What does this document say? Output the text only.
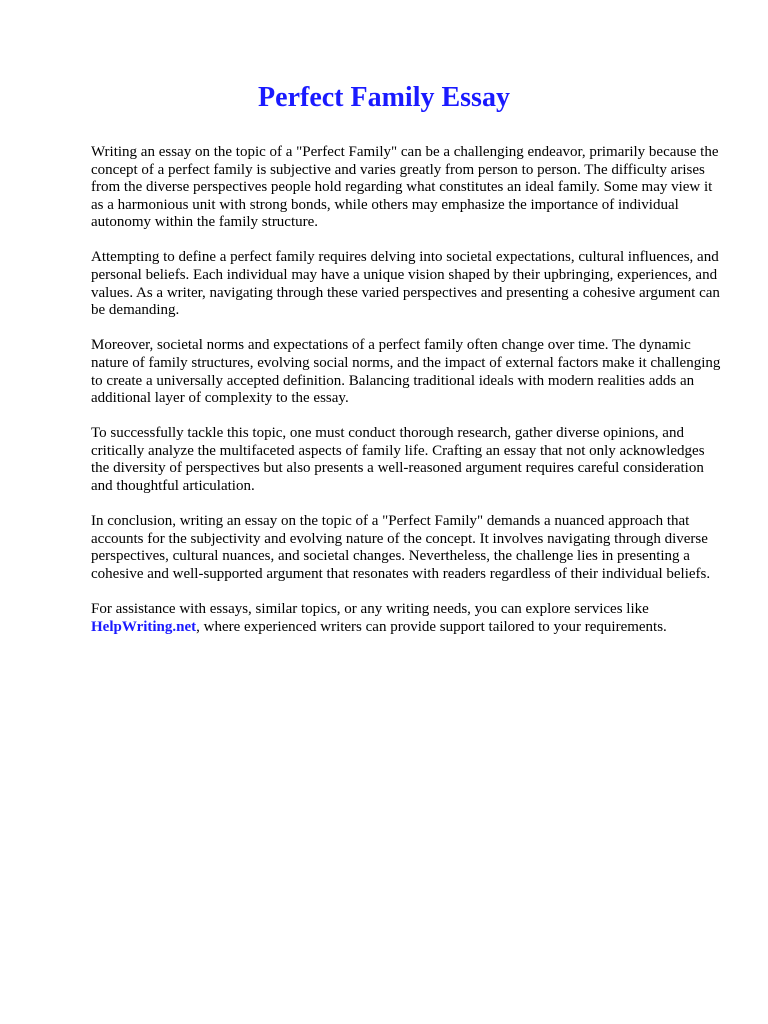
Perfect Family Essay

Writing an essay on the topic of a "Perfect Family" can be a challenging endeavor, primarily because the concept of a perfect family is subjective and varies greatly from person to person. The difficulty arises from the diverse perspectives people hold regarding what constitutes an ideal family. Some may view it as a harmonious unit with strong bonds, while others may emphasize the importance of individual autonomy within the family structure.

Attempting to define a perfect family requires delving into societal expectations, cultural influences, and personal beliefs. Each individual may have a unique vision shaped by their upbringing, experiences, and values. As a writer, navigating through these varied perspectives and presenting a cohesive argument can be demanding.

Moreover, societal norms and expectations of a perfect family often change over time. The dynamic nature of family structures, evolving social norms, and the impact of external factors make it challenging to create a universally accepted definition. Balancing traditional ideals with modern realities adds an additional layer of complexity to the essay.

To successfully tackle this topic, one must conduct thorough research, gather diverse opinions, and critically analyze the multifaceted aspects of family life. Crafting an essay that not only acknowledges the diversity of perspectives but also presents a well-reasoned argument requires careful consideration and thoughtful articulation.

In conclusion, writing an essay on the topic of a "Perfect Family" demands a nuanced approach that accounts for the subjectivity and evolving nature of the concept. It involves navigating through diverse perspectives, cultural nuances, and societal changes. Nevertheless, the challenge lies in presenting a cohesive and well-supported argument that resonates with readers regardless of their individual beliefs.

For assistance with essays, similar topics, or any writing needs, you can explore services like HelpWriting.net, where experienced writers can provide support tailored to your requirements.
